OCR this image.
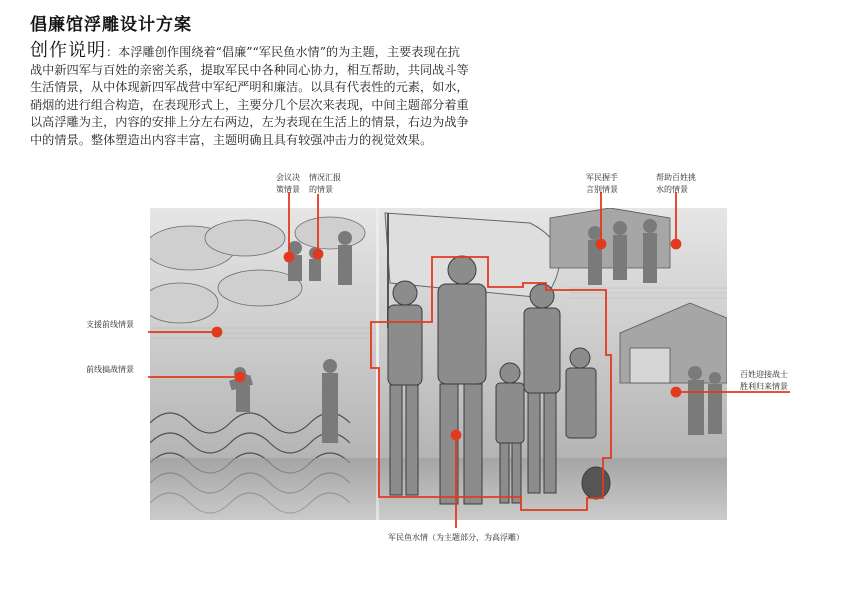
倡廉馆浮雕设计方案
创作说明：本浮雕创作围绕着“倡廉”“军民鱼水情”的为主题，主要表现在抗战中新四军与百姓的亲密关系，提取军民中各种同心协力，相互帮助，共同战斗等生活情景，从中体现新四军战营中军纪严明和廉洁。以具有代表性的元素，如水，硝烟的进行组合构造，在表现形式上，主要分几个层次来表现，中间主题部分着重以高浮雕为主，内容的安排上分左右两边，左为表现在生活上的情景，右边为战争中的情景。整体塑造出内容丰富，主题明确且具有较强冲击力的视觉效果。
会议决
策情景
情况汇报
的情景
军民握手
言别情景
帮助百姓挑
水的情景
支援前线情景
前线搞战情景
百姓迎接战士
胜利归来情景
军民鱼水情（为主题部分，为高浮雕）
